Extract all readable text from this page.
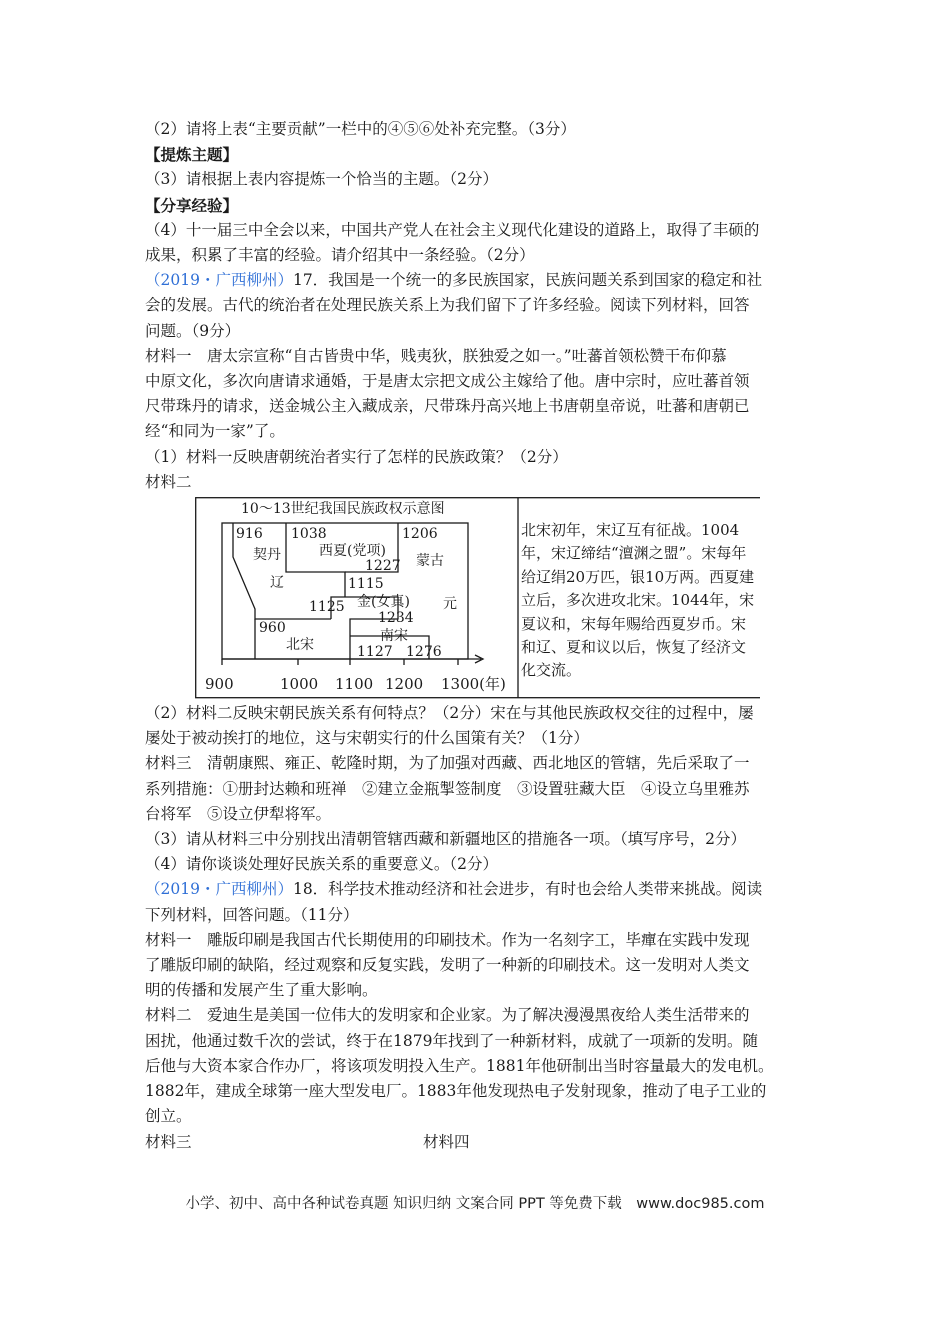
（2）请将上表“主要贡献”一栏中的④⑤⑥处补充完整。（3分）
【提炼主题】
（3）请根据上表内容提炼一个恰当的主题。（2分）
【分享经验】
（4）十一届三中全会以来，中国共产党人在社会主义现代化建设的道路上，取得了丰硕的
成果，积累了丰富的经验。请介绍其中一条经验。（2分）
（2019・广西柳州）17．我国是一个统一的多民族国家，民族问题关系到国家的稳定和社
会的发展。古代的统治者在处理民族关系上为我们留下了许多经验。阅读下列材料，回答
问题。（9分）
材料一　唐太宗宣称“自古皆贵中华，贱夷狄，朕独爱之如一。”吐蕃首领松赞干布仰慕
中原文化，多次向唐请求通婚，于是唐太宗把文成公主嫁给了他。唐中宗时，应吐蕃首领
尺带珠丹的请求，送金城公主入藏成亲，尺带珠丹高兴地上书唐朝皇帝说，吐蕃和唐朝已
经“和同为一家”了。
（1）材料一反映唐朝统治者实行了怎样的民族政策？（2分）
材料二
10～13世纪我国民族政权示意图
916 1038	1206
契丹	西夏(党项)
1227 蒙古
辽	1115
金(女真) 元
1125
1234
960	南宋
北宋	1127 1276
900	1000 1100 1200 1300(年)
北宋初年，宋辽互有征战。1004年，宋辽缔结“澶渊之盟”。宋每年给辽绢20万匹，银10万两。西夏建立后，多次进攻北宋。1044年，宋夏议和，宋每年赐给西夏岁币。宋和辽、夏和议以后，恢复了经济文化交流。
（2）材料二反映宋朝民族关系有何特点？（2分）宋在与其他民族政权交往的过程中，屡
屡处于被动挨打的地位，这与宋朝实行的什么国策有关？（1分）
材料三　清朝康熙、雍正、乾隆时期，为了加强对西藏、西北地区的管辖，先后采取了一
系列措施：①册封达赖和班禅　②建立金瓶掣签制度　③设置驻藏大臣　④设立乌里雅苏
台将军　⑤设立伊犁将军。
（3）请从材料三中分别找出清朝管辖西藏和新疆地区的措施各一项。（填写序号，2分）
（4）请你谈谈处理好民族关系的重要意义。（2分）
（2019・广西柳州）18．科学技术推动经济和社会进步，有时也会给人类带来挑战。阅读
下列材料，回答问题。（11分）
材料一　雕版印刷是我国古代长期使用的印刷技术。作为一名刻字工，毕癉在实践中发现
了雕版印刷的缺陷，经过观察和反复实践，发明了一种新的印刷技术。这一发明对人类文
明的传播和发展产生了重大影响。
材料二　爱迪生是美国一位伟大的发明家和企业家。为了解决漫漫黑夜给人类生活带来的
困扰，他通过数千次的尝试，终于在1879年找到了一种新材料，成就了一项新的发明。随
后他与大资本家合作办厂，将该项发明投入生产。1881年他研制出当时容量最大的发电机。
1882年，建成全球第一座大型发电厂。1883年他发现热电子发射现象，推动了电子工业的
创立。
材料三	材料四
小学、初中、高中各种试卷真题 知识归纳 文案合同 PPT 等免费下载　www.doc985.com
